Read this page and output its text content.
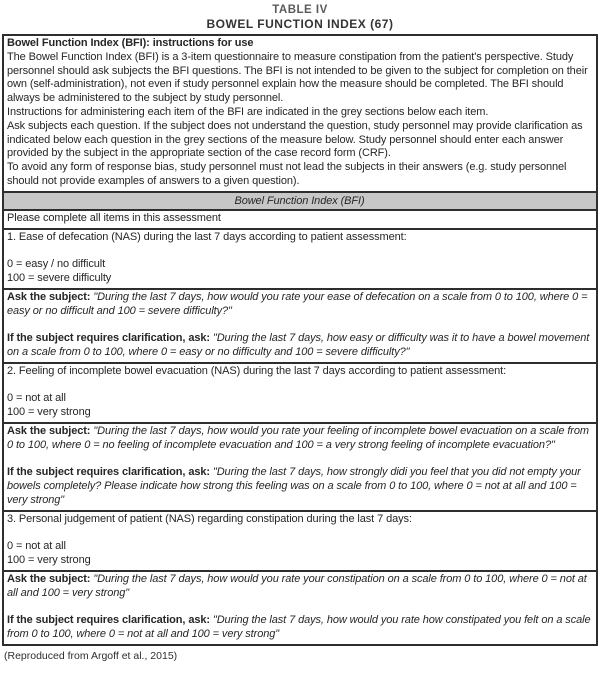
TABLE IV
BOWEL FUNCTION INDEX (67)
Bowel Function Index (BFI): instructions for use
The Bowel Function Index (BFI) is a 3-item questionnaire to measure constipation from the patient's perspective. Study personnel should ask subjects the BFI questions. The BFI is not intended to be given to the subject for completion on their own (self-administration), not even if study personnel explain how the measure should be completed. The BFI should always be administered to the subject by study personnel.
Instructions for administering each item of the BFI are indicated in the grey sections below each item.
Ask subjects each question. If the subject does not understand the question, study personnel may provide clarification as indicated below each question in the grey sections of the measure below. Study personnel should enter each answer provided by the subject in the appropriate section of the case record form (CRF).
To avoid any form of response bias, study personnel must not lead the subjects in their answers (e.g. study personnel should not provide examples of answers to a given question).
Bowel Function Index (BFI)
Please complete all items in this assessment
1. Ease of defecation (NAS) during the last 7 days according to patient assessment:
0 = easy / no difficult
100 = severe difficulty
Ask the subject: "During the last 7 days, how would you rate your ease of defecation on a scale from 0 to 100, where 0 = easy or no difficult and 100 = severe difficulty?"
If the subject requires clarification, ask: "During the last 7 days, how easy or difficulty was it to have a bowel movement on a scale from 0 to 100, where 0 = easy or no difficulty and 100 = severe difficulty?"
2. Feeling of incomplete bowel evacuation (NAS) during the last 7 days according to patient assessment:
0 = not at all
100 = very strong
Ask the subject: "During the last 7 days, how would you rate your feeling of incomplete bowel evacuation on a scale from 0 to 100, where 0 = no feeling of incomplete evacuation and 100 = a very strong feeling of incomplete evacuation?"
If the subject requires clarification, ask: "During the last 7 days, how strongly didi you feel that you did not empty your bowels completely? Please indicate how strong this feeling was on a scale from 0 to 100, where 0 = not at all and 100 = very strong"
3. Personal judgement of patient (NAS) regarding constipation during the last 7 days:
0 = not at all
100 = very strong
Ask the subject: "During the last 7 days, how would you rate your constipation on a scale from 0 to 100, where 0 = not at all and 100 = very strong"
If the subject requires clarification, ask: "During the last 7 days, how would you rate how constipated you felt on a scale from 0 to 100, where 0 = not at all and 100 = very strong"
(Reproduced from Argoff et al., 2015)
